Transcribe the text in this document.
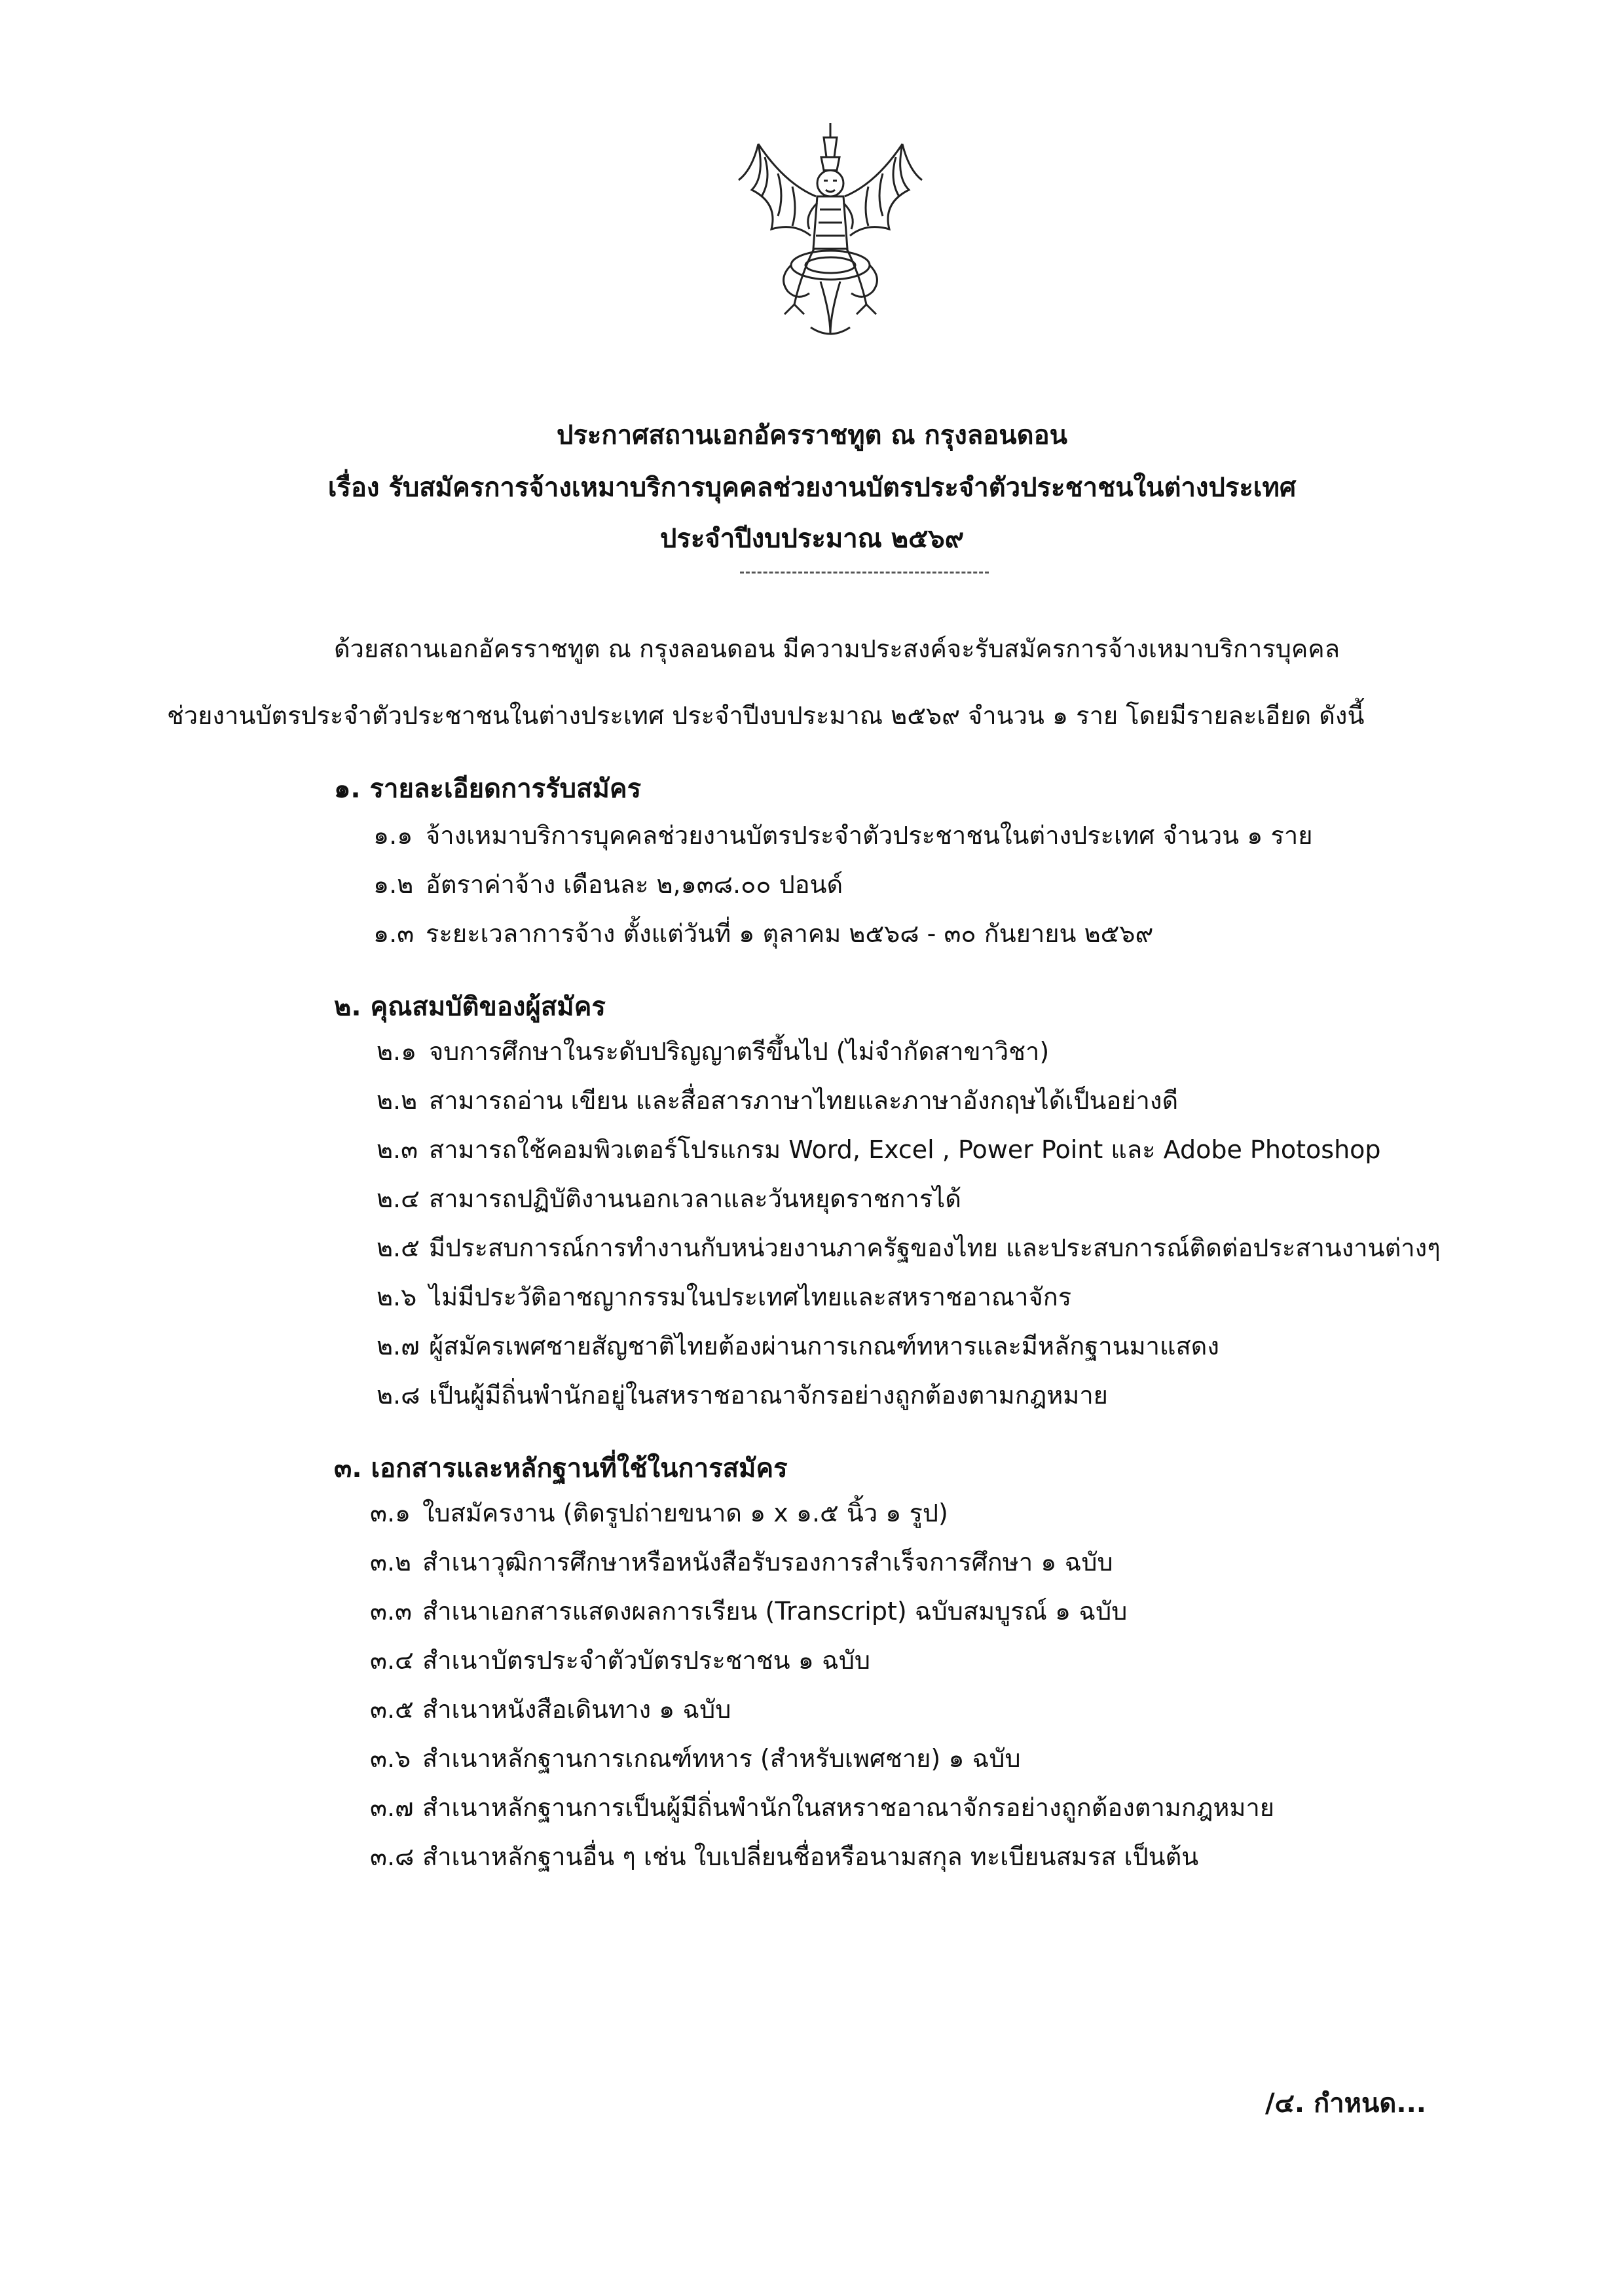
ประกาศสถานเอกอัครราชทูต ณ กรุงลอนดอน
เรื่อง รับสมัครการจ้างเหมาบริการบุคคลช่วยงานบัตรประจำตัวประชาชนในต่างประเทศ
ประจำปีงบประมาณ ๒๕๖๙
ด้วยสถานเอกอัครราชทูต ณ กรุงลอนดอน มีความประสงค์จะรับสมัครการจ้างเหมาบริการบุคคล
ช่วยงานบัตรประจำตัวประชาชนในต่างประเทศ ประจำปีงบประมาณ ๒๕๖๙ จำนวน ๑ ราย โดยมีรายละเอียด ดังนี้
๑. รายละเอียดการรับสมัคร
๑.๑ จ้างเหมาบริการบุคคลช่วยงานบัตรประจำตัวประชาชนในต่างประเทศ จำนวน ๑ ราย
๑.๒ อัตราค่าจ้าง เดือนละ ๒,๑๓๘.๐๐ ปอนด์
๑.๓ ระยะเวลาการจ้าง ตั้งแต่วันที่ ๑ ตุลาคม ๒๕๖๘ - ๓๐ กันยายน ๒๕๖๙
๒. คุณสมบัติของผู้สมัคร
๒.๑ จบการศึกษาในระดับปริญญาตรีขึ้นไป (ไม่จำกัดสาขาวิชา)
๒.๒ สามารถอ่าน เขียน และสื่อสารภาษาไทยและภาษาอังกฤษได้เป็นอย่างดี
๒.๓ สามารถใช้คอมพิวเตอร์โปรแกรม Word, Excel , Power Point และ Adobe Photoshop
๒.๔ สามารถปฏิบัติงานนอกเวลาและวันหยุดราชการได้
๒.๕ มีประสบการณ์การทำงานกับหน่วยงานภาครัฐของไทย และประสบการณ์ติดต่อประสานงานต่างๆ
๒.๖ ไม่มีประวัติอาชญากรรมในประเทศไทยและสหราชอาณาจักร
๒.๗ ผู้สมัครเพศชายสัญชาติไทยต้องผ่านการเกณฑ์ทหารและมีหลักฐานมาแสดง
๒.๘ เป็นผู้มีถิ่นพำนักอยู่ในสหราชอาณาจักรอย่างถูกต้องตามกฎหมาย
๓. เอกสารและหลักฐานที่ใช้ในการสมัคร
๓.๑ ใบสมัครงาน (ติดรูปถ่ายขนาด ๑ x ๑.๕ นิ้ว ๑ รูป)
๓.๒ สำเนาวุฒิการศึกษาหรือหนังสือรับรองการสำเร็จการศึกษา ๑ ฉบับ
๓.๓ สำเนาเอกสารแสดงผลการเรียน (Transcript) ฉบับสมบูรณ์ ๑ ฉบับ
๓.๔ สำเนาบัตรประจำตัวบัตรประชาชน ๑ ฉบับ
๓.๕ สำเนาหนังสือเดินทาง ๑ ฉบับ
๓.๖ สำเนาหลักฐานการเกณฑ์ทหาร (สำหรับเพศชาย) ๑ ฉบับ
๓.๗ สำเนาหลักฐานการเป็นผู้มีถิ่นพำนักในสหราชอาณาจักรอย่างถูกต้องตามกฎหมาย
๓.๘ สำเนาหลักฐานอื่น ๆ เช่น ใบเปลี่ยนชื่อหรือนามสกุล ทะเบียนสมรส เป็นต้น
/๔. กำหนด...
